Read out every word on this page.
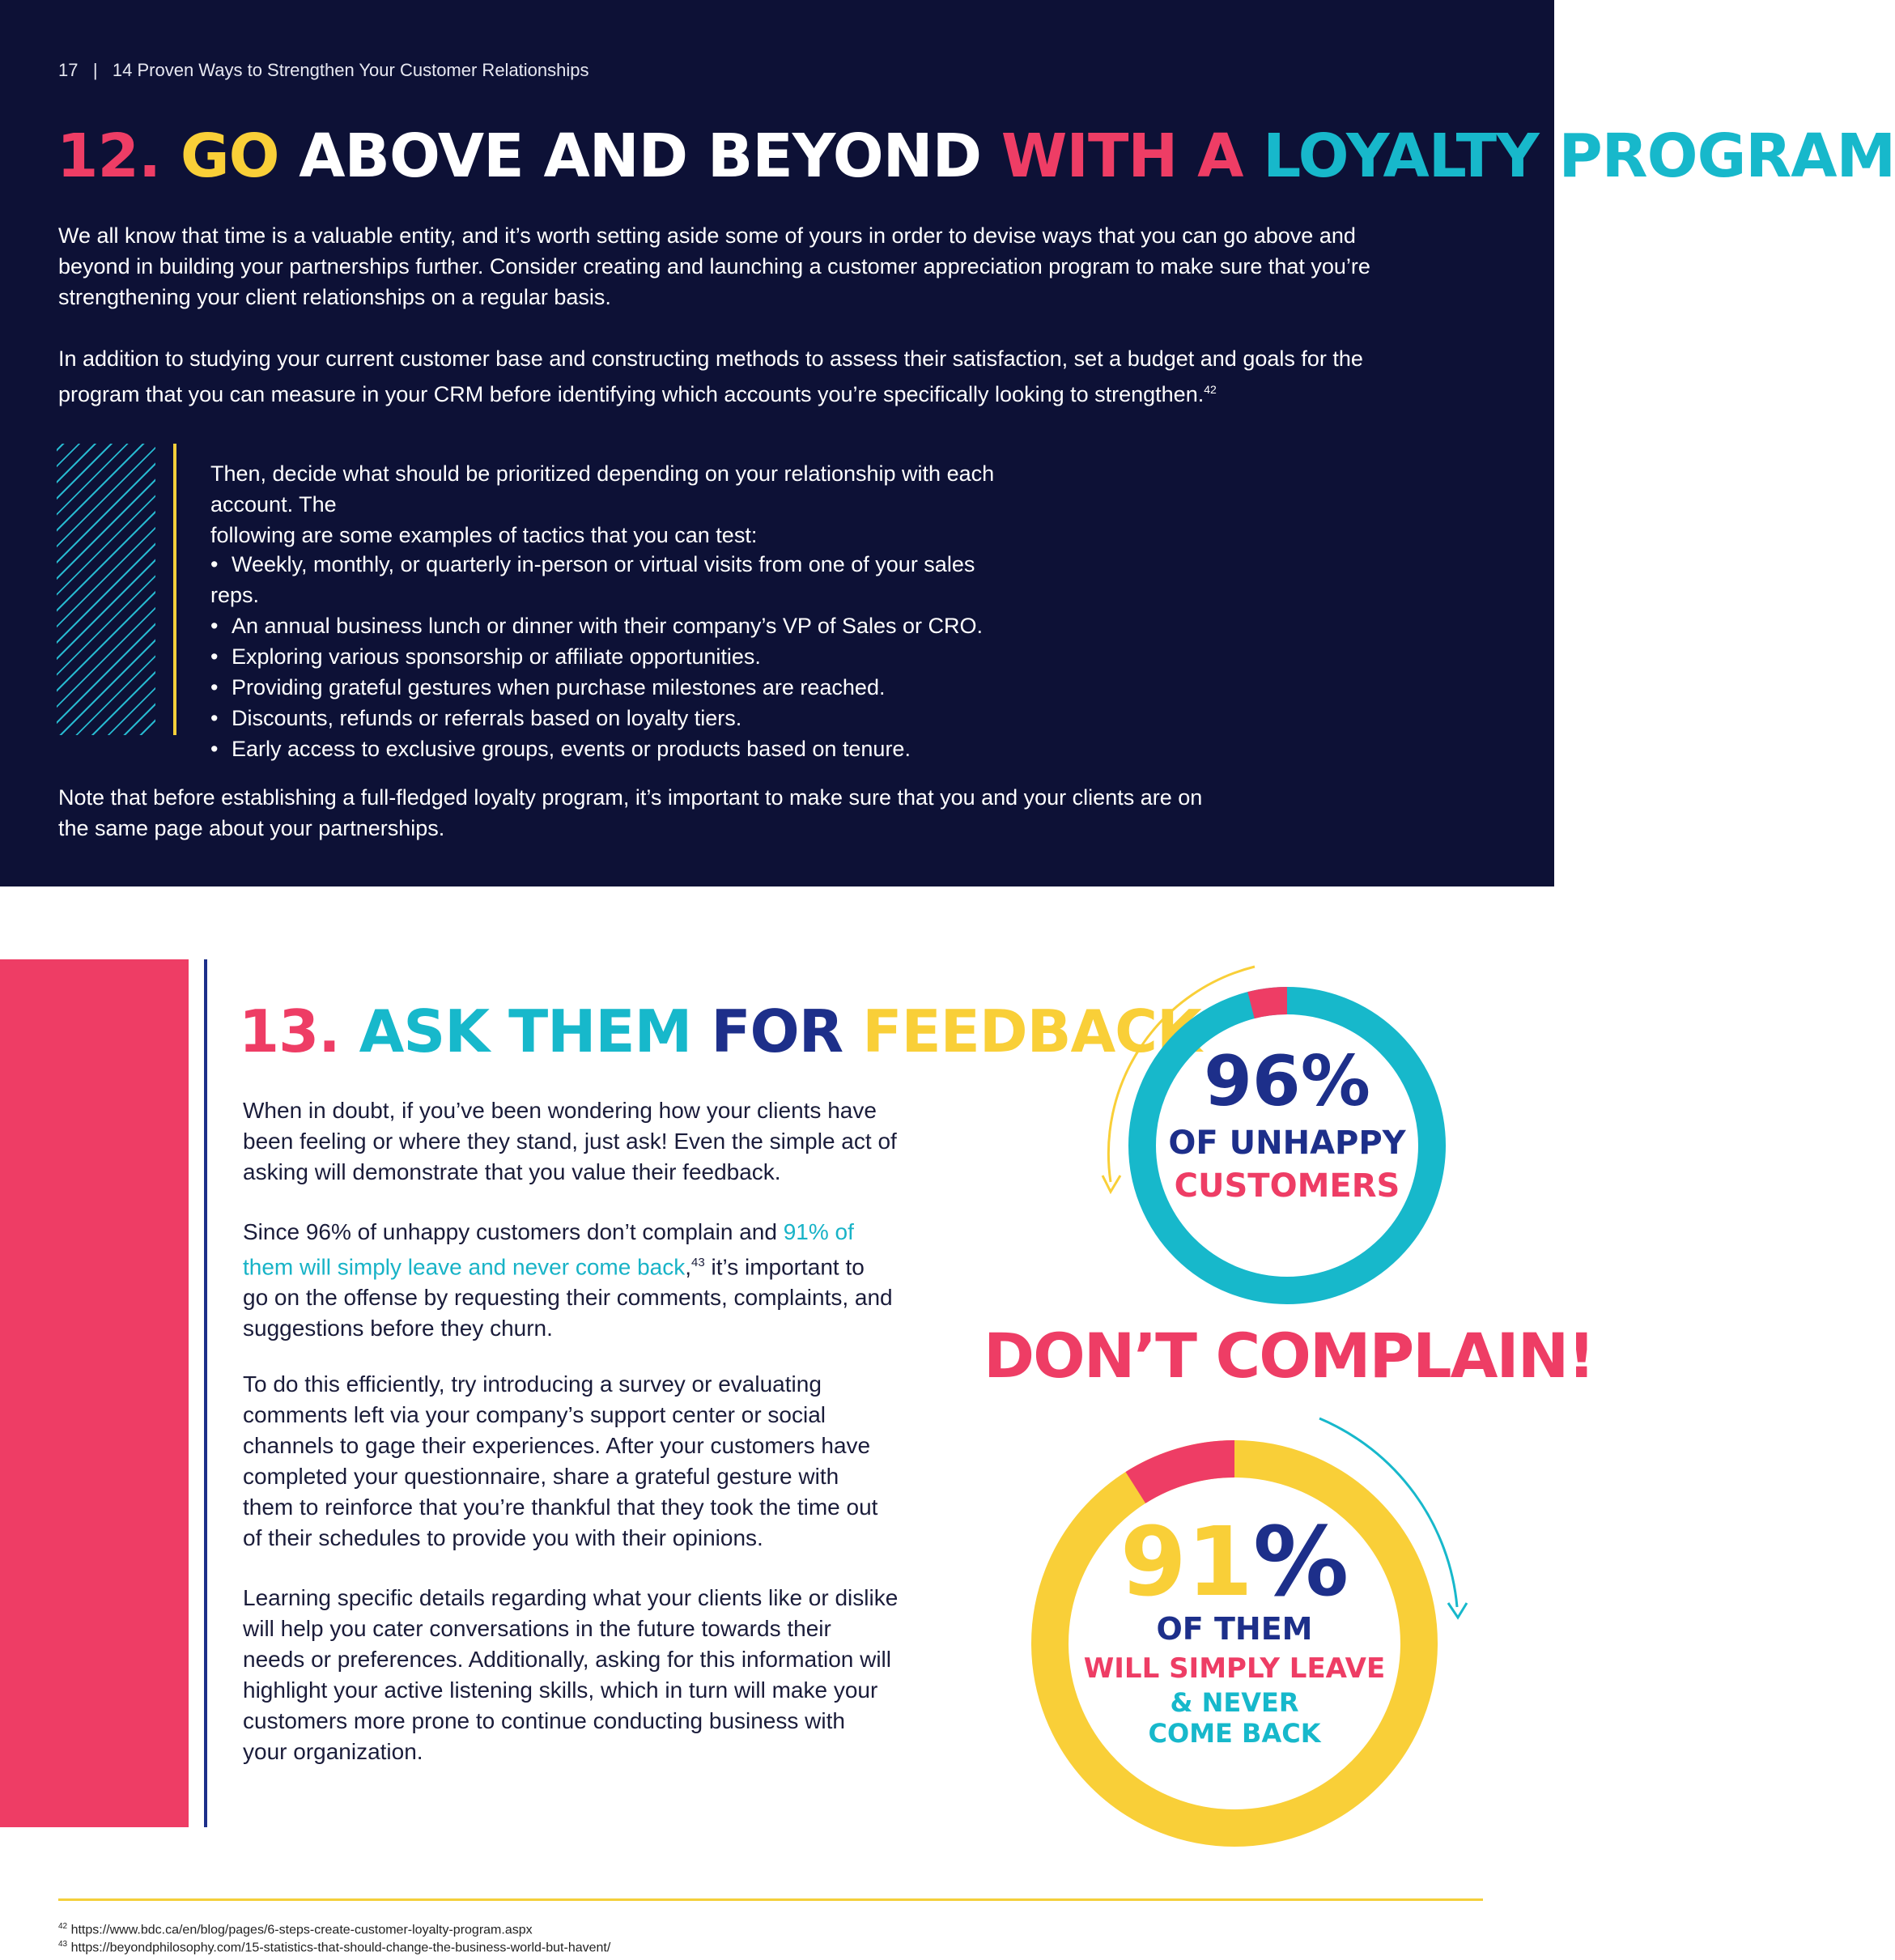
17 | 14 Proven Ways to Strengthen Your Customer Relationships
12. GO ABOVE AND BEYOND WITH A LOYALTY PROGRAM
We all know that time is a valuable entity, and it’s worth setting aside some of yours in order to devise ways that you can go above and
beyond in building your partnerships further. Consider creating and launching a customer appreciation program to make sure that you’re
strengthening your client relationships on a regular basis.
In addition to studying your current customer base and constructing methods to assess their satisfaction, set a budget and goals for the
program that you can measure in your CRM before identifying which accounts you’re specifically looking to strengthen.$^{42}$
Then, decide what should be prioritized depending on your relationship with each account. The
following are some examples of tactics that you can test:
• Weekly, monthly, or quarterly in-person or virtual visits from one of your sales reps.
• An annual business lunch or dinner with their company’s VP of Sales or CRO.
• Exploring various sponsorship or affiliate opportunities.
• Providing grateful gestures when purchase milestones are reached.
• Discounts, refunds or referrals based on loyalty tiers.
• Early access to exclusive groups, events or products based on tenure.
Note that before establishing a full-fledged loyalty program, it’s important to make sure that you and your clients are on
the same page about your partnerships.
13. ASK THEM FOR FEEDBACK
When in doubt, if you’ve been wondering how your clients have
been feeling or where they stand, just ask! Even the simple act of
asking will demonstrate that you value their feedback.
Since 96% of unhappy customers don’t complain and 91% of
them will simply leave and never come back,$^{43}$ it’s important to
go on the offense by requesting their comments, complaints, and
suggestions before they churn.
To do this efficiently, try introducing a survey or evaluating
comments left via your company’s support center or social
channels to gage their experiences. After your customers have
completed your questionnaire, share a grateful gesture with
them to reinforce that you’re thankful that they took the time out
of their schedules to provide you with their opinions.
Learning specific details regarding what your clients like or dislike
will help you cater conversations in the future towards their
needs or preferences. Additionally, asking for this information will
highlight your active listening skills, which in turn will make your
customers more prone to continue conducting business with
your organization.
96%
OF UNHAPPY
CUSTOMERS
91%
OF THEM
WILL SIMPLY LEAVE
& NEVER
COME BACK
DON’T COMPLAIN!
$^{42}$ https://www.bdc.ca/en/blog/pages/6-steps-create-customer-loyalty-program.aspx
$^{43}$ https://beyondphilosophy.com/15-statistics-that-should-change-the-business-world-but-havent/
